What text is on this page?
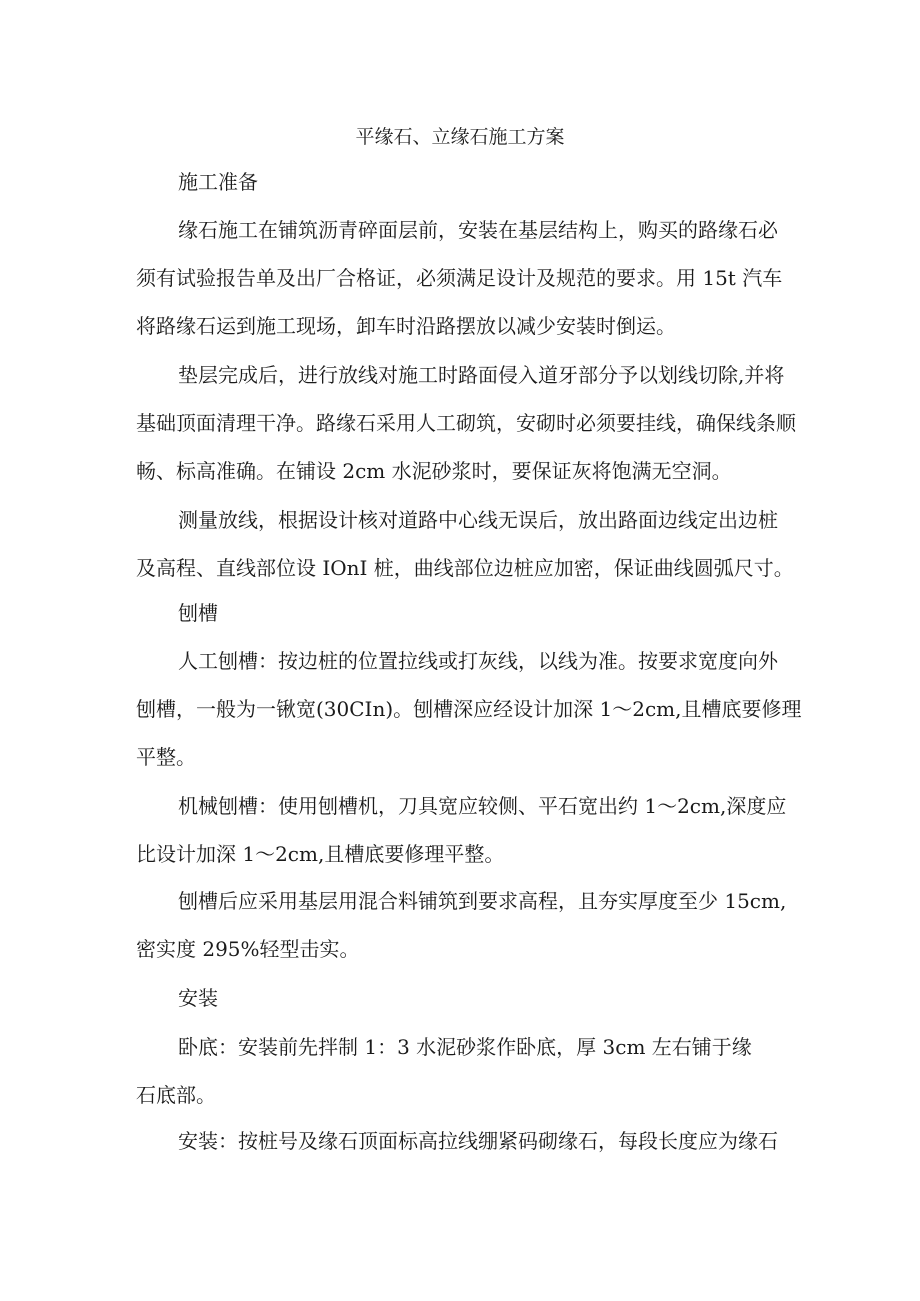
平缘石、立缘石施工方案
施工准备
缘石施工在铺筑沥青碎面层前，安装在基层结构上，购买的路缘石必
须有试验报告单及出厂合格证，必须满足设计及规范的要求。用 15t 汽车
将路缘石运到施工现场，卸车时沿路摆放以减少安装时倒运。
垫层完成后，进行放线对施工时路面侵入道牙部分予以划线切除,并将
基础顶面清理干净。路缘石采用人工砌筑，安砌时必须要挂线，确保线条顺
畅、标高准确。在铺设 2cm 水泥砂浆时，要保证灰将饱满无空洞。
测量放线，根据设计核对道路中心线无误后，放出路面边线定出边桩
及高程、直线部位设 IOnI 桩，曲线部位边桩应加密，保证曲线圆弧尺寸。
刨槽
人工刨槽：按边桩的位置拉线或打灰线，以线为准。按要求宽度向外
刨槽，一般为一锹宽(30CIn)。刨槽深应经设计加深 1～2cm,且槽底要修理
平整。
机械刨槽：使用刨槽机，刀具宽应较侧、平石宽出约 1～2cm,深度应
比设计加深 1～2cm,且槽底要修理平整。
刨槽后应采用基层用混合料铺筑到要求高程，且夯实厚度至少 15cm,
密实度 295%轻型击实。
安装
卧底：安装前先拌制 1：3 水泥砂浆作卧底，厚 3cm 左右铺于缘
石底部。
安装：按桩号及缘石顶面标高拉线绷紧码砌缘石，每段长度应为缘石
